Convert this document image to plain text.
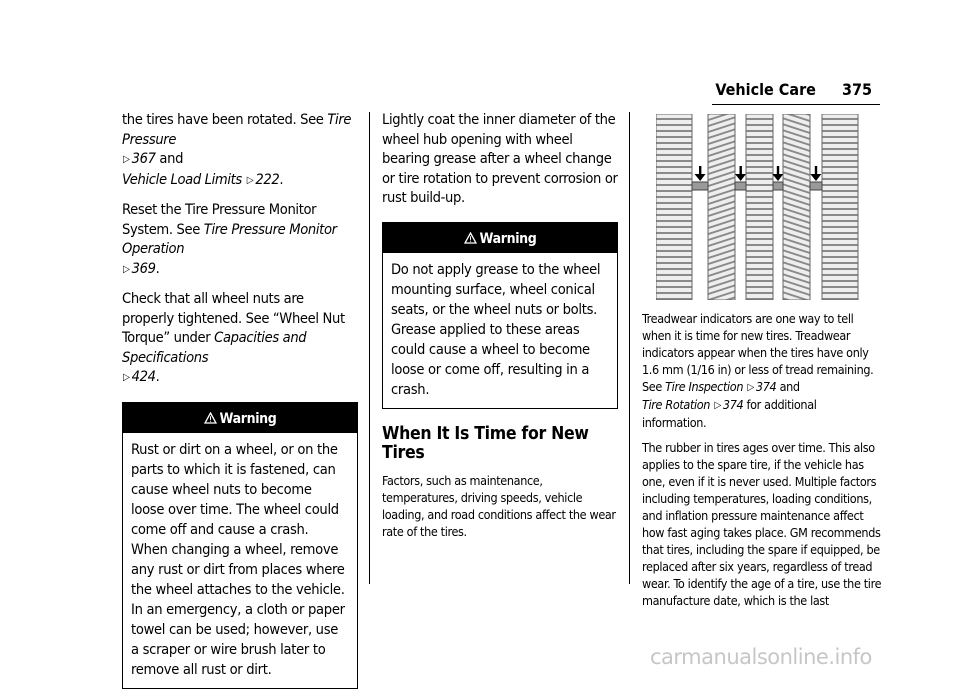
Vehicle Care 375

the tires have been rotated. See Tire Pressure
▷ 367 and
Vehicle Load Limits ▷ 222.

Reset the Tire Pressure Monitor System. See Tire Pressure Monitor Operation
▷ 369.

Check that all wheel nuts are properly tightened. See “Wheel Nut Torque” under Capacities and Specifications
▷ 424.

Warning
Rust or dirt on a wheel, or on the parts to which it is fastened, can cause wheel nuts to become loose over time. The wheel could come off and cause a crash. When changing a wheel, remove any rust or dirt from places where the wheel attaches to the vehicle. In an emergency, a cloth or paper towel can be used; however, use a scraper or wire brush later to remove all rust or dirt.

Lightly coat the inner diameter of the wheel hub opening with wheel bearing grease after a wheel change or tire rotation to prevent corrosion or rust build-up.

Warning
Do not apply grease to the wheel mounting surface, wheel conical seats, or the wheel nuts or bolts. Grease applied to these areas could cause a wheel to become loose or come off, resulting in a crash.
When It Is Time for New Tires

Factors, such as maintenance, temperatures, driving speeds, vehicle loading, and road conditions affect the wear rate of the tires.

Treadwear indicators are one way to tell when it is time for new tires. Treadwear indicators appear when the tires have only 1.6 mm (1/16 in) or less of tread remaining. See Tire Inspection ▷ 374 and
Tire Rotation ▷ 374 for additional information.

The rubber in tires ages over time. This also applies to the spare tire, if the vehicle has one, even if it is never used. Multiple factors including temperatures, loading conditions, and inflation pressure maintenance affect how fast aging takes place. GM recommends that tires, including the spare if equipped, be replaced after six years, regardless of tread wear. To identify the age of a tire, use the tire manufacture date, which is the last

carmanualsonline.info
